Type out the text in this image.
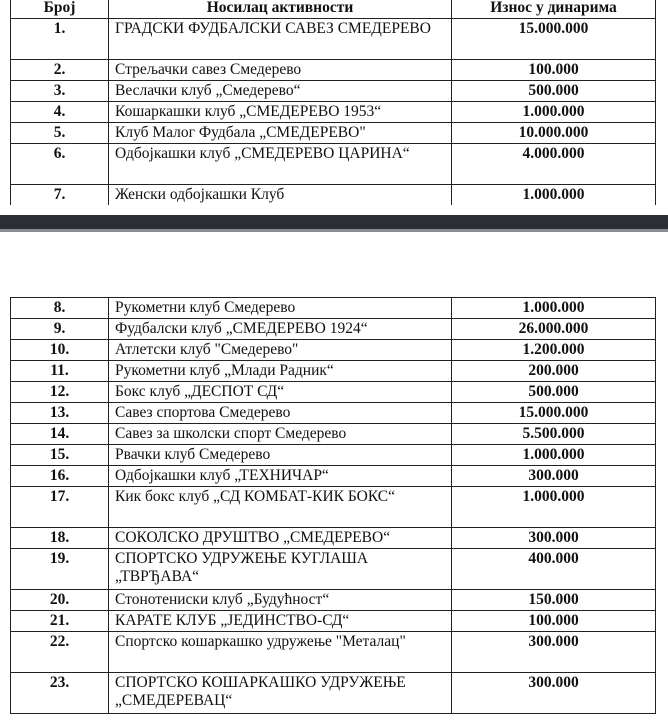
Број	Носилац активности	Износ у динарима
1.	ГРАДСКИ ФУДБАЛСКИ САВЕЗ СМЕДЕРЕВО	15.000.000
2.	Стрељачки савез Смедерево	100.000
3.	Веслачки клуб „Смедерево“	500.000
4.	Кошаркашки клуб „СМЕДЕРЕВО 1953“	1.000.000
5.	Клуб Малог Фудбала „СМЕДЕРЕВО"	10.000.000
6.	Одбојкашки клуб „СМЕДЕРЕВО ЦАРИНА“	4.000.000
7.	Женски одбојкашки Клуб	1.000.000
8.	Рукометни клуб Смедерево	1.000.000
9.	Фудбалски клуб „СМЕДЕРЕВО 1924“	26.000.000
10.	Атлетски клуб "Смедерево"	1.200.000
11.	Рукометни клуб „Млади Радник“	200.000
12.	Бокс клуб „ДЕСПОТ СД“	500.000
13.	Савез спортова Смедерево	15.000.000
14.	Савез за школски спорт Смедерево	5.500.000
15.	Рвачки клуб Смедерево	1.000.000
16.	Одбојкашки клуб „ТЕХНИЧАР“	300.000
17.	Кик бокс клуб „СД КОМБАТ-КИК БОКС“	1.000.000
18.	СОКОЛСКО ДРУШТВО „СМЕДЕРЕВО“	300.000
19.	СПОРТСКО УДРУЖЕЊЕ КУГЛАША „ТВРЂАВА“	400.000
20.	Стонотениски клуб „Будућност“	150.000
21.	КАРАТЕ КЛУБ „ЈЕДИНСТВО-СД“	100.000
22.	Спортско кошаркашко удружење "Металац"	300.000
23.	СПОРТСКО КОШАРКАШКО УДРУЖЕЊЕ „СМЕДЕРЕВАЦ“	300.000
